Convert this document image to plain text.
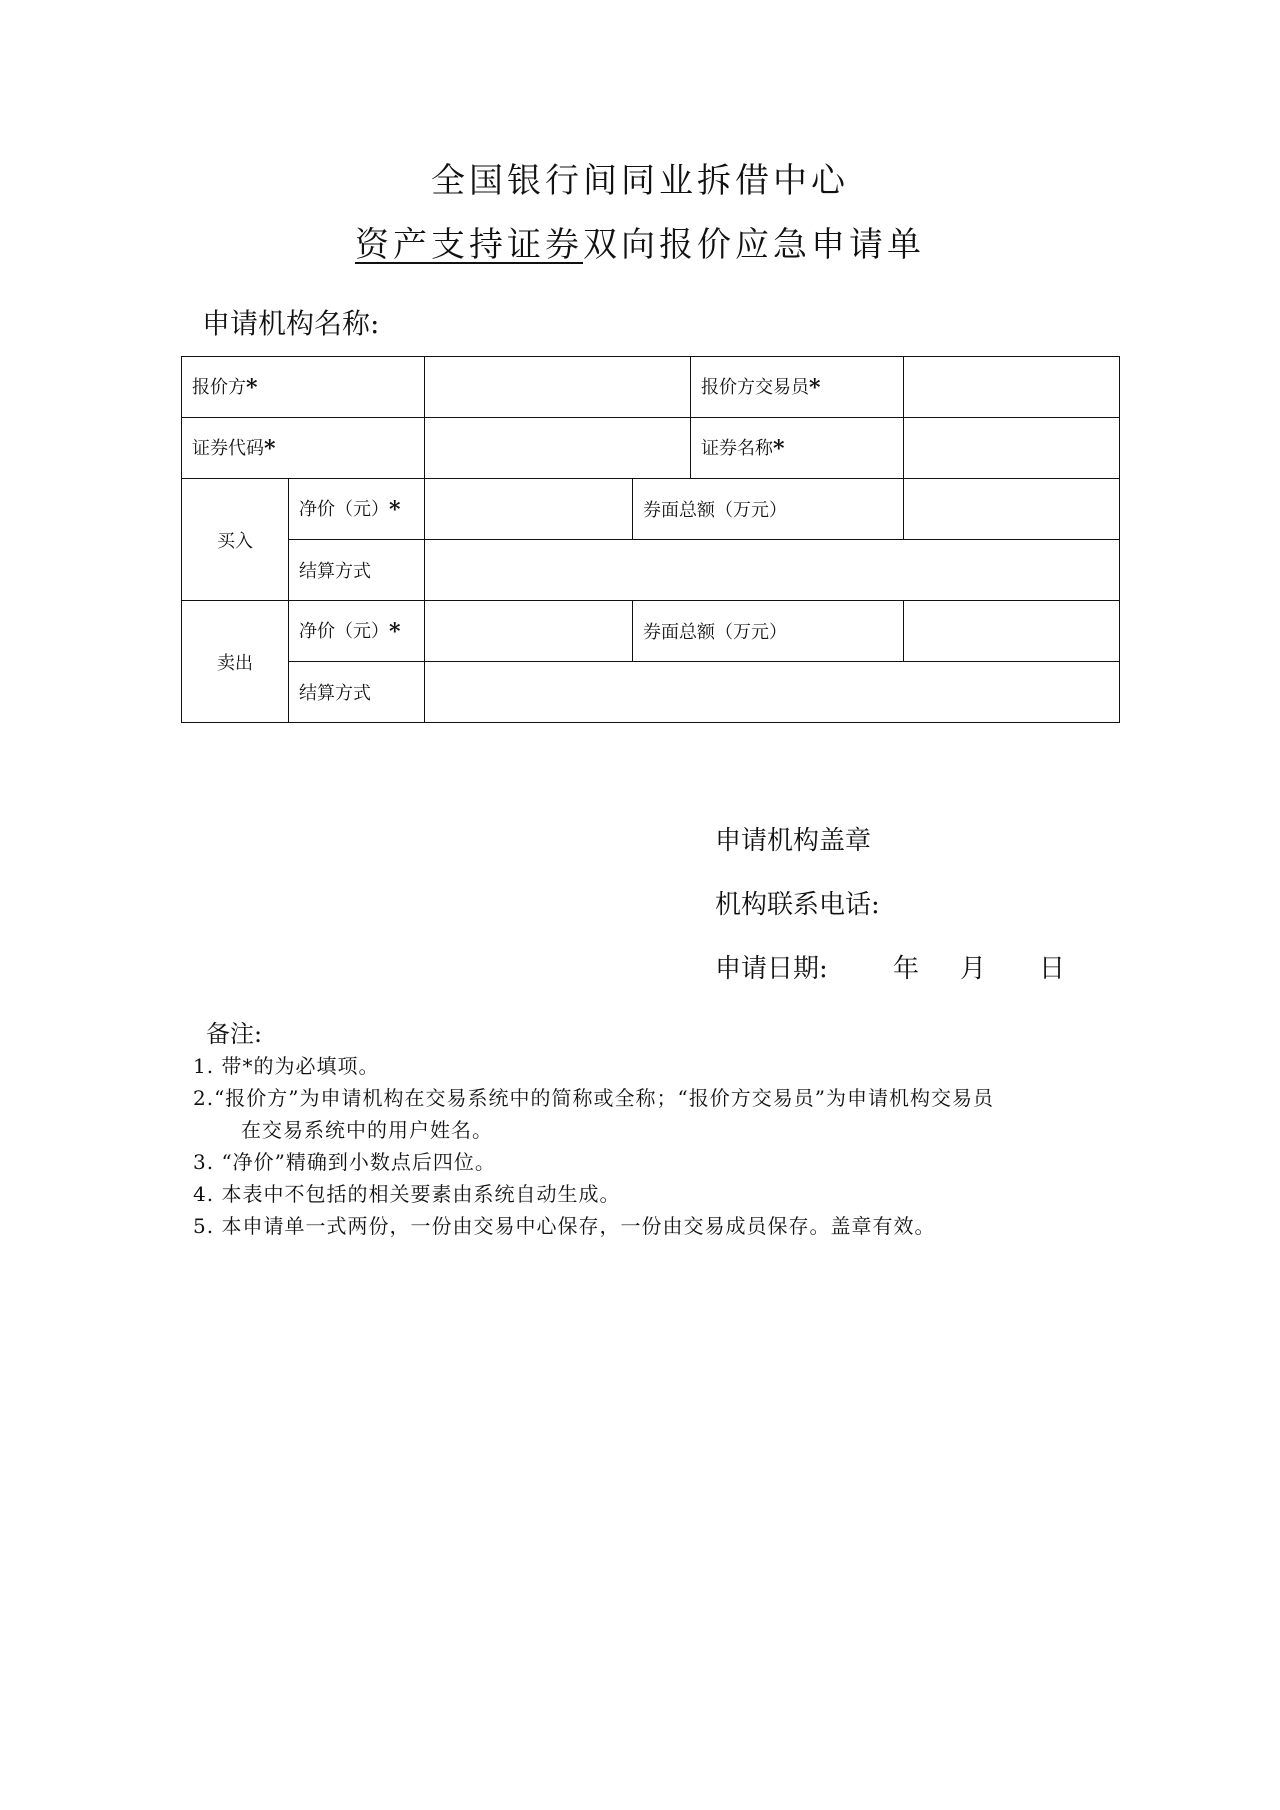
全国银行间同业拆借中心
资产支持证券双向报价应急申请单
申请机构名称:
报价方*				报价方交易员*	
证券代码*				证券名称*	
买入	净价（元）*		券面总额（万元）		
	结算方式				
卖出	净价（元）*		券面总额（万元）		
	结算方式				
申请机构盖章
机构联系电话:
申请日期:	年 月 日
备注:
1. 带*的为必填项。
2.“报价方”为申请机构在交易系统中的简称或全称；“报价方交易员”为申请机构交易员
在交易系统中的用户姓名。
3. “净价”精确到小数点后四位。
4. 本表中不包括的相关要素由系统自动生成。
5. 本申请单一式两份，一份由交易中心保存，一份由交易成员保存。盖章有效。
